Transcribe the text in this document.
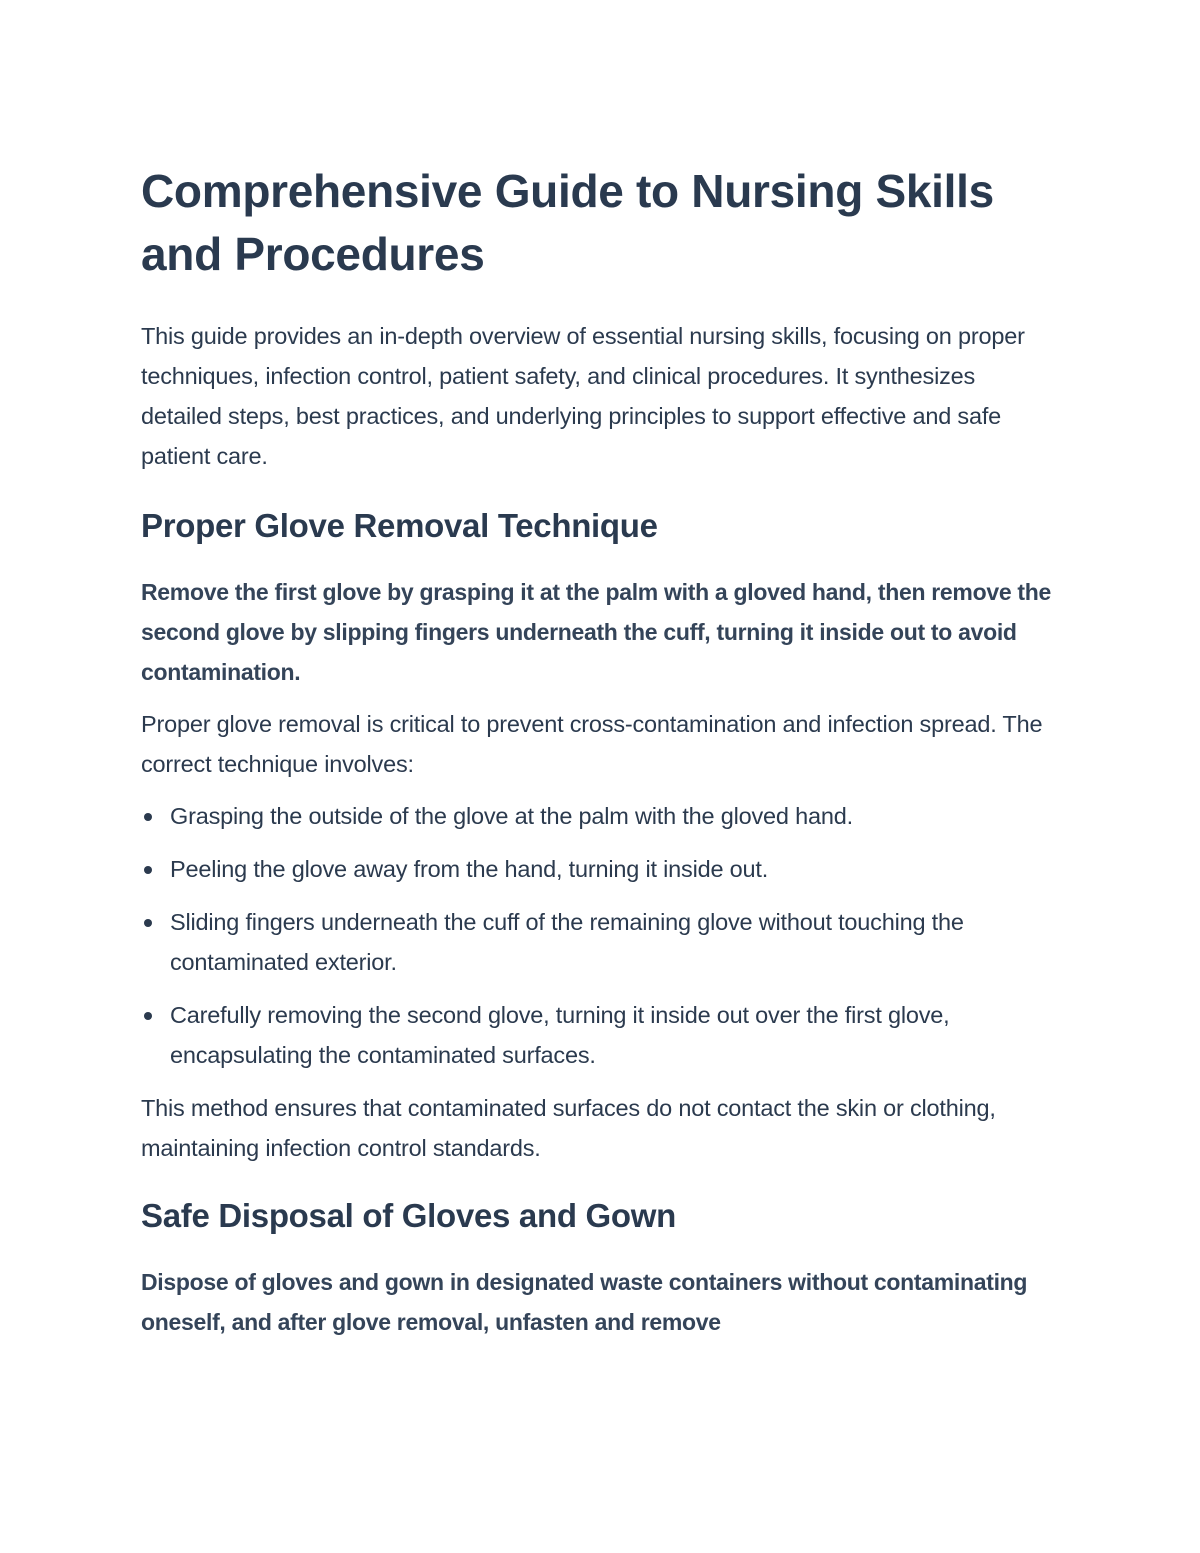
Comprehensive Guide to Nursing Skills and Procedures

This guide provides an in-depth overview of essential nursing skills, focusing on proper techniques, infection control, patient safety, and clinical procedures. It synthesizes detailed steps, best practices, and underlying principles to support effective and safe patient care.

Proper Glove Removal Technique

Remove the first glove by grasping it at the palm with a gloved hand, then remove the second glove by slipping fingers underneath the cuff, turning it inside out to avoid contamination.

Proper glove removal is critical to prevent cross-contamination and infection spread. The correct technique involves:

Grasping the outside of the glove at the palm with the gloved hand.
Peeling the glove away from the hand, turning it inside out.
Sliding fingers underneath the cuff of the remaining glove without touching the contaminated exterior.
Carefully removing the second glove, turning it inside out over the first glove, encapsulating the contaminated surfaces.

This method ensures that contaminated surfaces do not contact the skin or clothing, maintaining infection control standards.

Safe Disposal of Gloves and Gown

Dispose of gloves and gown in designated waste containers without contaminating oneself, and after glove removal, unfasten and remove
